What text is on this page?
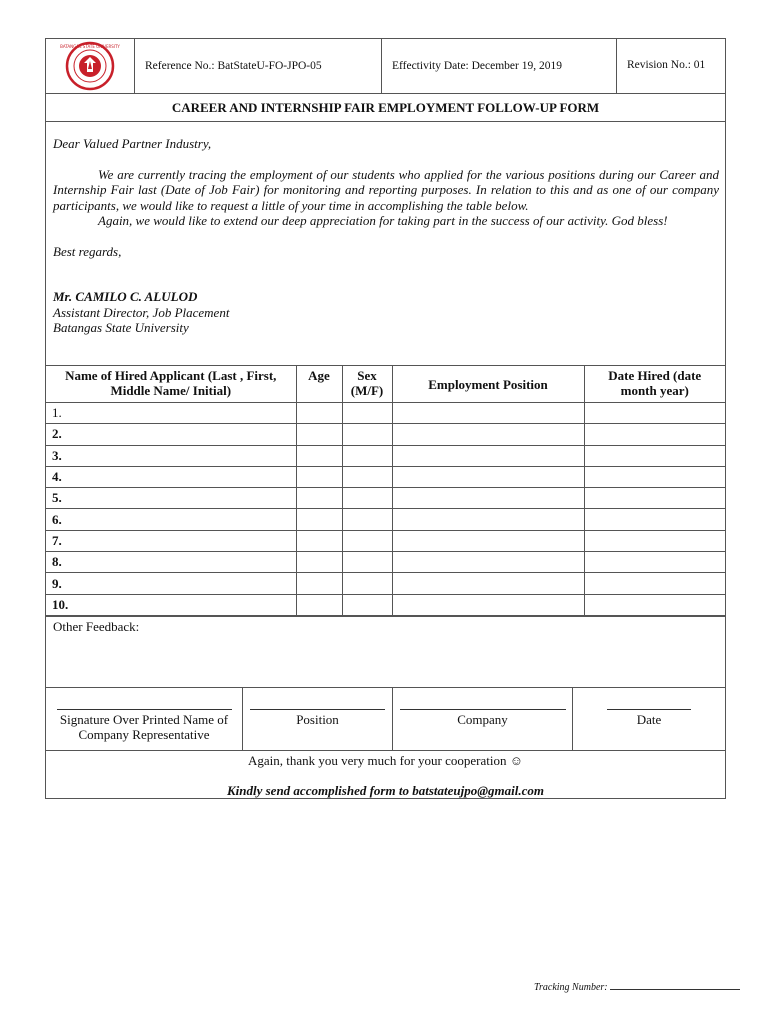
BATANGAS STATE UNIVERSITY
Reference No.: BatStateU-FO-JPO-05	Effectivity Date: December 19, 2019	Revision No.: 01
CAREER AND INTERNSHIP FAIR EMPLOYMENT FOLLOW-UP FORM

Dear Valued Partner Industry,

We are currently tracing the employment of our students who applied for the various positions during our Career and Internship Fair last (Date of Job Fair) for monitoring and reporting purposes. In relation to this and as one of our company participants, we would like to request a little of your time in accomplishing the table below.

Again, we would like to extend our deep appreciation for taking part in the success of our activity. God bless!

Best regards,

Mr. CAMILO C. ALULOD

Assistant Director, Job Placement

Batangas State University

Name of Hired Applicant (Last , First, Middle Name/ Initial)	Age	Sex (M/F)	Employment Position	Date Hired (date month year)
1.				
2.				
3.				
4.				
5.				
6.				
7.				
8.				
9.				
10.				
Other Feedback:
Signature Over Printed Name of Company Representative
Position	Company	Date
Again, thank you very much for your cooperation ☺
Kindly send accomplished form to batstateujpo@gmail.com
Tracking Number:
